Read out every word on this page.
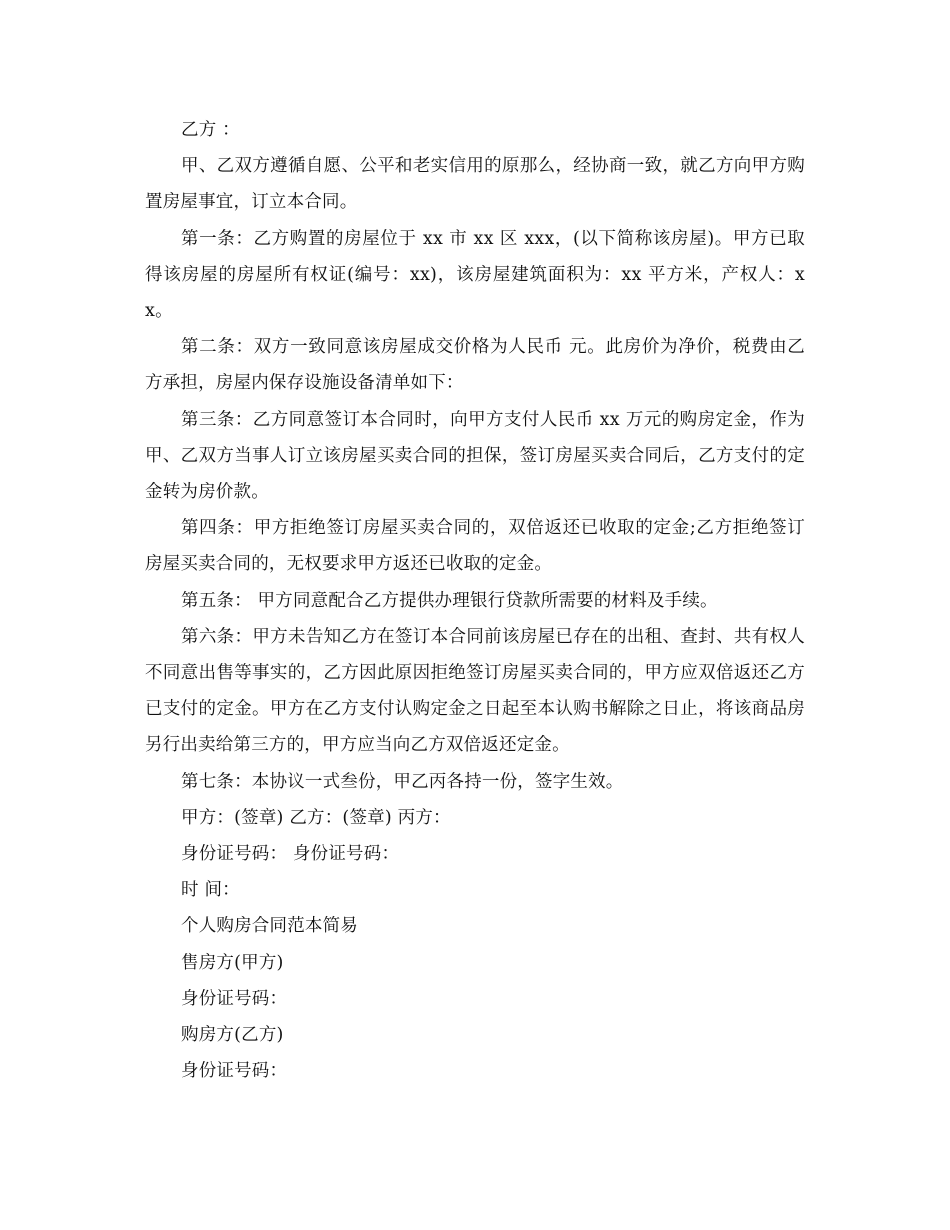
乙方 ：

甲、乙双方遵循自愿、公平和老实信用的原那么，经协商一致，就乙方向甲方购置房屋事宜，订立本合同。

第一条：乙方购置的房屋位于 xx 市 xx 区 xxx，(以下简称该房屋)。甲方已取得该房屋的房屋所有权证(编号：xx)，该房屋建筑面积为：xx 平方米，产权人：xx。

第二条：双方一致同意该房屋成交价格为人民币 元。此房价为净价，税费由乙方承担，房屋内保存设施设备清单如下：

第三条：乙方同意签订本合同时，向甲方支付人民币 xx 万元的购房定金，作为甲、乙双方当事人订立该房屋买卖合同的担保，签订房屋买卖合同后，乙方支付的定金转为房价款。

第四条：甲方拒绝签订房屋买卖合同的，双倍返还已收取的定金;乙方拒绝签订房屋买卖合同的，无权要求甲方返还已收取的定金。

第五条： 甲方同意配合乙方提供办理银行贷款所需要的材料及手续。

第六条：甲方未告知乙方在签订本合同前该房屋已存在的出租、查封、共有权人不同意出售等事实的，乙方因此原因拒绝签订房屋买卖合同的，甲方应双倍返还乙方已支付的定金。甲方在乙方支付认购定金之日起至本认购书解除之日止，将该商品房另行出卖给第三方的，甲方应当向乙方双倍返还定金。

第七条：本协议一式叁份，甲乙丙各持一份，签字生效。

甲方：(签章) 乙方：(签章) 丙方：

身份证号码： 身份证号码：

时 间：

个人购房合同范本简易

售房方(甲方)

身份证号码：

购房方(乙方)

身份证号码：
